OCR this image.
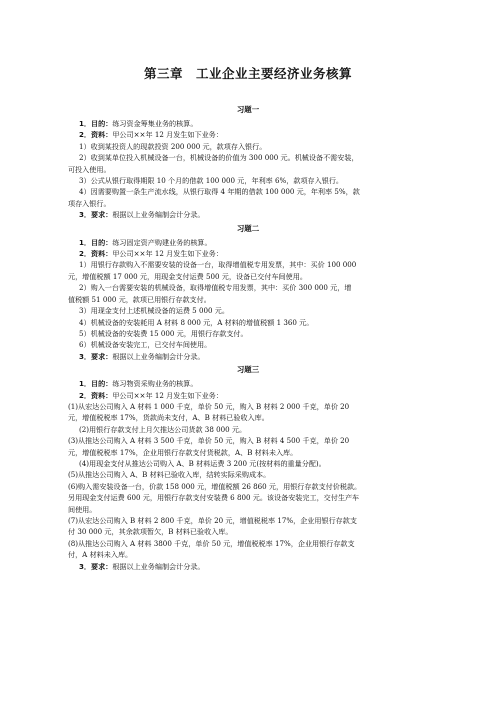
第三章　工业企业主要经济业务核算
习题一

1．目的：练习资金筹集业务的核算。

2．资料：甲公司××年 12 月发生如下业务：

1）收到某投资人的现款投资 200 000 元，款项存入银行。

2）收到某单位投入机械设备一台，机械设备的价值为 300 000 元。机械设备不需安装，

可投入使用。

3）公式从银行取得期限 10 个月的借款 100 000 元，年利率 6%，款项存入银行。

4）因需要购置一条生产流水线，从银行取得 4 年期的借款 100 000 元，年利率 5%，款

项存入银行。

3．要求：根据以上业务编制会计分录。

习题二

1．目的：练习固定资产购建业务的核算。

2．资料：甲公司××年 12 月发生如下业务：

1）用银行存款购入不需要安装的设备一台，取得增值税专用发票，其中：买价 100 000

元，增值税额 17 000 元，用现金支付运费 500 元，设备已交付车间使用。

2）购入一台需要安装的机械设备，取得增值税专用发票，其中：买价 300 000 元，增

值税额 51 000 元，款项已用银行存款支付。

3）用现金支付上述机械设备的运费 5 000 元。

4）机械设备的安装耗用 A 材料 8 000 元，A 材料的增值税额 1 360 元。

5）机械设备的安装费 15 000 元，用银行存款支付。

6）机械设备安装完工，已交付车间使用。

3．要求：根据以上业务编制会计分录。

习题三

1．目的：练习物资采购业务的核算。

2．资料：甲公司××年 12 月发生如下业务：

(1)从宏达公司购入 A 材料 1 000 千克，单价 50 元，购入 B 材料 2 000 千克，单价 20

元，增值税税率 17%，货款尚未支付，A、B 材料已验收入库。

(2)用银行存款支付上月欠推达公司货款 38 000 元。

(3)从推达公司购入 A 材料 3 500 千克，单价 50 元，购入 B 材料 4 500 千克，单价 20

元，增值税税率 17%，企业用银行存款支付货税款，A、B 材料未入库。

(4)用现金支付从推达公司购入 A、B 材料运费 3 200 元(按材料的重量分配)。

(5)从推达公司购入 A、B 材料已验收入库，结转实际采购成本。

(6)购入需安装设备一台，价款 158 000 元，增值税额 26 860 元，用银行存款支付价税款。

另用现金支付运费 600 元，用银行存款支付安装费 6 800 元。该设备安装完工，交付生产车

间使用。

(7)从宏达公司购入 B 材料 2 800 千克，单价 20 元，增值税税率 17%，企业用银行存款支

付 30 000 元，其余款项暂欠，B 材料已验收入库。

(8)从推达公司购入 A 材料 3800 千克，单价 50 元，增值税税率 17%，企业用银行存款支

付，A 材料未入库。

3．要求：根据以上业务编制会计分录。
